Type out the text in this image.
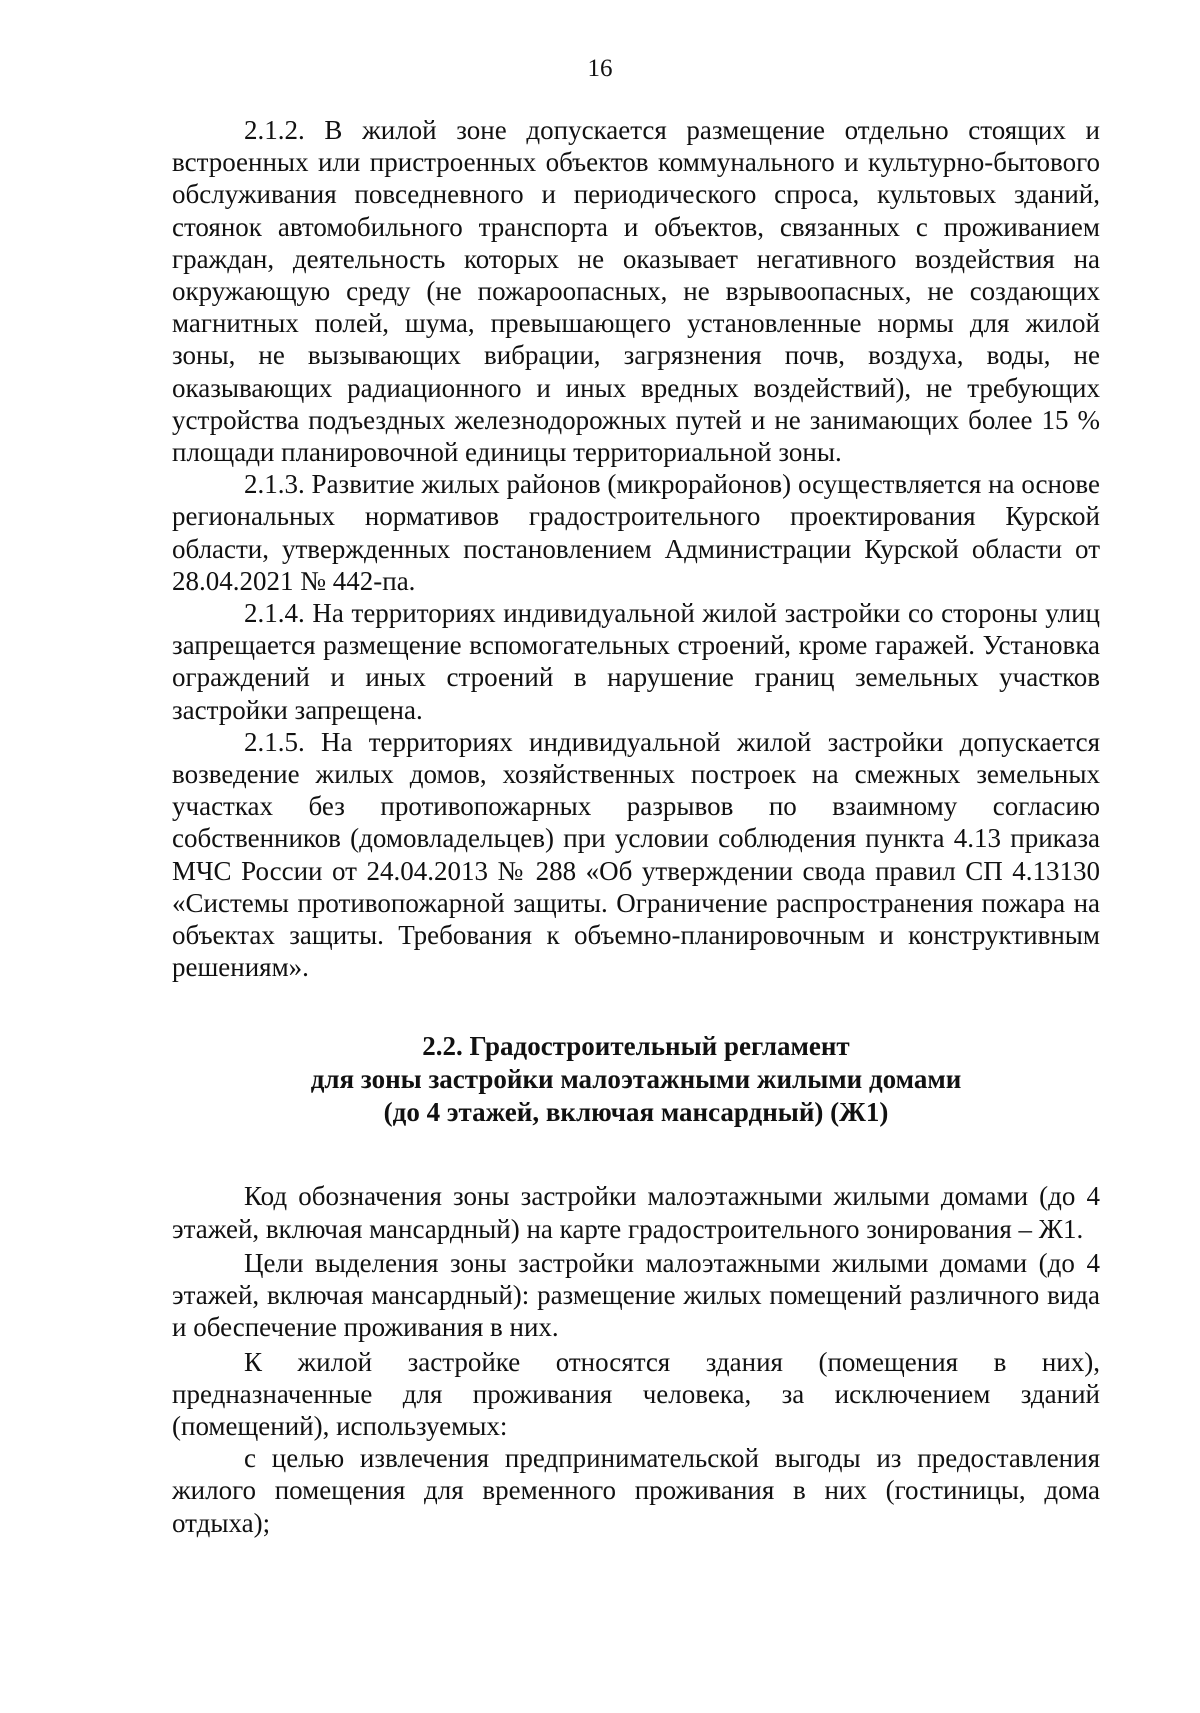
16

2.1.2. В жилой зоне допускается размещение отдельно стоящих и встроенных или пристроенных объектов коммунального и культурно-бытового обслуживания повседневного и периодического спроса, культовых зданий, стоянок автомобильного транспорта и объектов, связанных с проживанием граждан, деятельность которых не оказывает негативного воздействия на окружающую среду (не пожароопасных, не взрывоопасных, не создающих магнитных полей, шума, превышающего установленные нормы для жилой зоны, не вызывающих вибрации, загрязнения почв, воздуха, воды, не оказывающих радиационного и иных вредных воздействий), не требующих устройства подъездных железнодорожных путей и не занимающих более 15 % площади планировочной единицы территориальной зоны.

2.1.3. Развитие жилых районов (микрорайонов) осуществляется на основе региональных нормативов градостроительного проектирования Курской области, утвержденных постановлением Администрации Курской области от 28.04.2021 № 442-па.

2.1.4. На территориях индивидуальной жилой застройки со стороны улиц запрещается размещение вспомогательных строений, кроме гаражей. Установка ограждений и иных строений в нарушение границ земельных участков застройки запрещена.

2.1.5. На территориях индивидуальной жилой застройки допускается возведение жилых домов, хозяйственных построек на смежных земельных участках без противопожарных разрывов по взаимному согласию собственников (домовладельцев) при условии соблюдения пункта 4.13 приказа МЧС России от 24.04.2013 № 288 «Об утверждении свода правил СП 4.13130 «Системы противопожарной защиты. Ограничение распространения пожара на объектах защиты. Требования к объемно-планировочным и конструктивным решениям».

2.2. Градостроительный регламент
для зоны застройки малоэтажными жилыми домами
(до 4 этажей, включая мансардный) (Ж1)

Код обозначения зоны застройки малоэтажными жилыми домами (до 4 этажей, включая мансардный) на карте градостроительного зонирования – Ж1.

Цели выделения зоны застройки малоэтажными жилыми домами (до 4 этажей, включая мансардный): размещение жилых помещений различного вида и обеспечение проживания в них.

К жилой застройке относятся здания (помещения в них), предназначенные для проживания человека, за исключением зданий (помещений), используемых:

с целью извлечения предпринимательской выгоды из предоставления жилого помещения для временного проживания в них (гостиницы, дома отдыха);
